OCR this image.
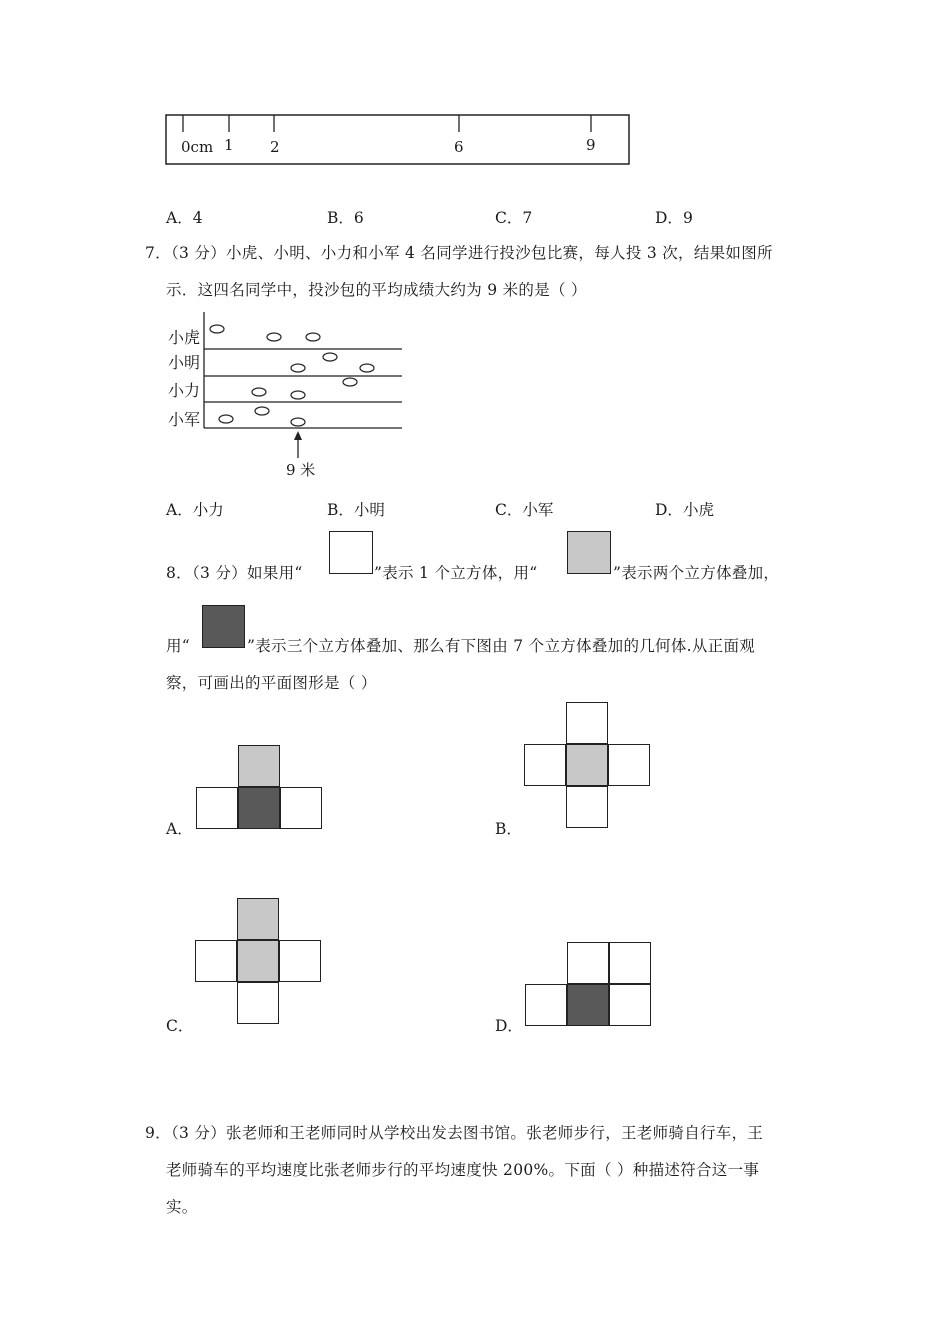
0cm 1 2	6	9
A．4	B．6	C．7	D．9
7．（3 分）小虎、小明、小力和小军 4 名同学进行投沙包比赛，每人投 3 次，结果如图所
示．这四名同学中，投沙包的平均成绩大约为 9 米的是（ ）
小虎
小明
小力
小军
9 米
A．小力	B．小明	C．小军	D．小虎
8．（3 分）如果用“	”表示 1 个立方体，用“	”表示两个立方体叠加，
用“	”表示三个立方体叠加、那么有下图由 7 个立方体叠加的几何体.从正面观
察，可画出的平面图形是（ ）
A．	B．
C．	D．
9．（3 分）张老师和王老师同时从学校出发去图书馆。张老师步行，王老师骑自行车，王
老师骑车的平均速度比张老师步行的平均速度快 200%。下面（ ）种描述符合这一事
实。
